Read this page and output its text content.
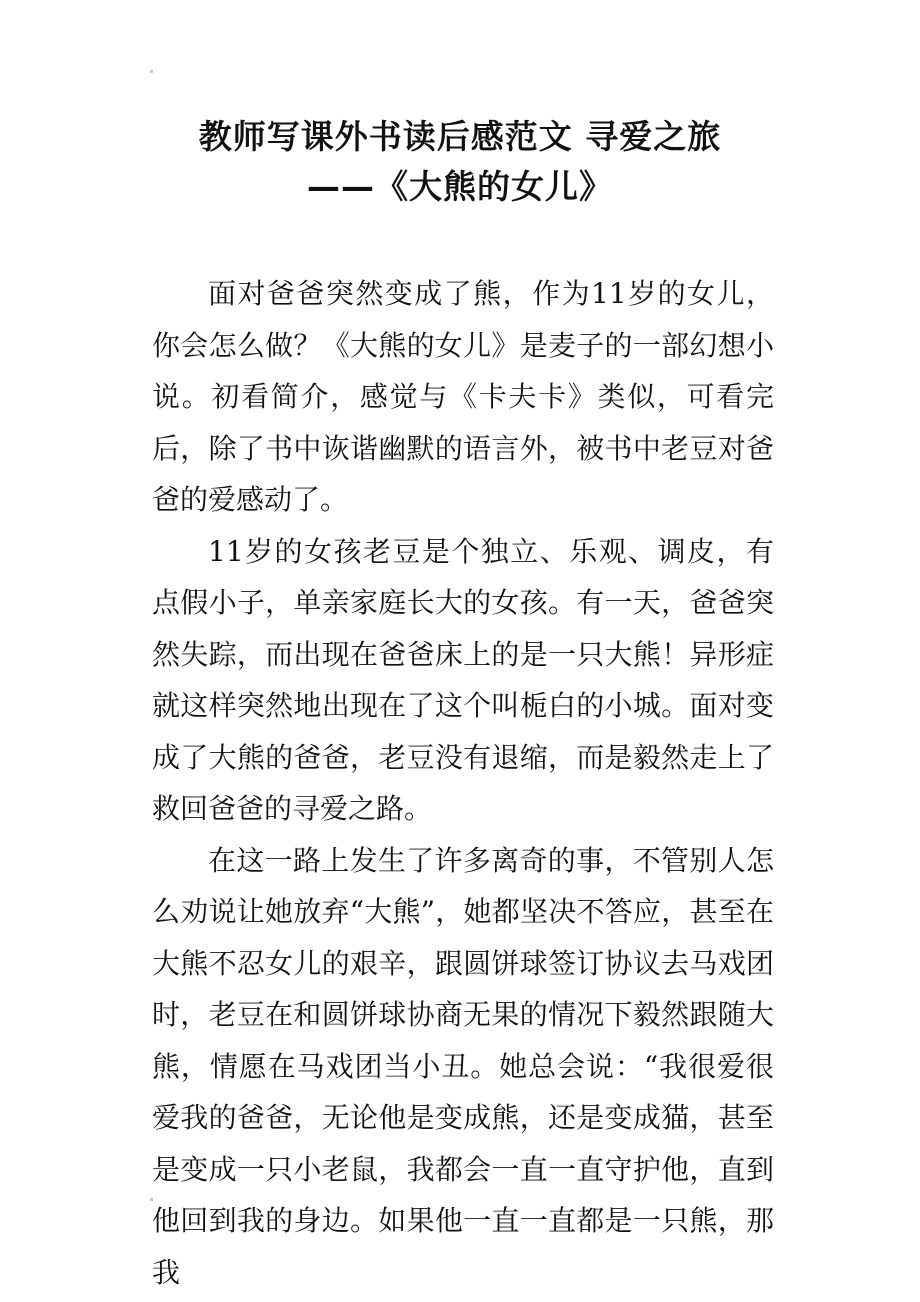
教师写课外书读后感范文 寻爱之旅
——《大熊的女儿》

面对爸爸突然变成了熊，作为11岁的女儿，你会怎么做？《大熊的女儿》是麦子的一部幻想小说。初看简介，感觉与《卡夫卡》类似，可看完后，除了书中诙谐幽默的语言外，被书中老豆对爸爸的爱感动了。

11岁的女孩老豆是个独立、乐观、调皮，有点假小子，单亲家庭长大的女孩。有一天，爸爸突然失踪，而出现在爸爸床上的是一只大熊！异形症就这样突然地出现在了这个叫栀白的小城。面对变成了大熊的爸爸，老豆没有退缩，而是毅然走上了救回爸爸的寻爱之路。

在这一路上发生了许多离奇的事，不管别人怎么劝说让她放弃“大熊”，她都坚决不答应，甚至在大熊不忍女儿的艰辛，跟圆饼球签订协议去马戏团时，老豆在和圆饼球协商无果的情况下毅然跟随大熊，情愿在马戏团当小丑。她总会说：“我很爱很爱我的爸爸，无论他是变成熊，还是变成猫，甚至是变成一只小老鼠，我都会一直一直守护他，直到他回到我的身边。如果他一直一直都是一只熊，那我
